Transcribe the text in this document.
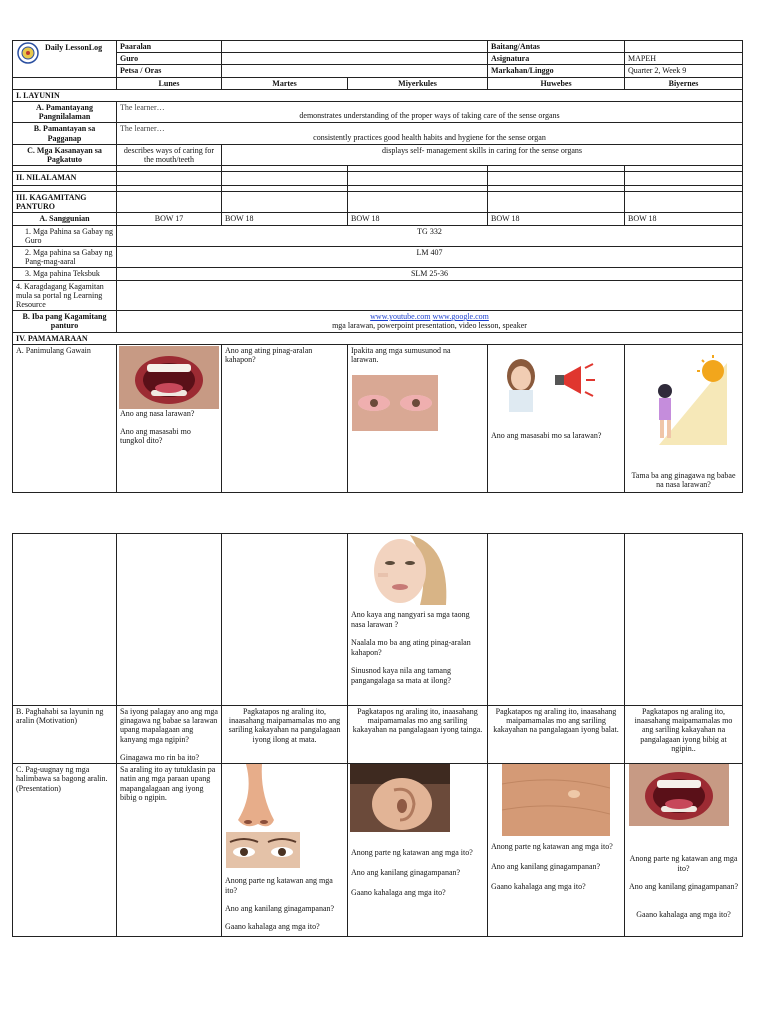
Daily LessonLog	Paaralan			Baitang/Antas	
	Guro			Asignatura	MAPEH
	Petsa / Oras			Markahan/Linggo	Quarter 2, Week 9
	Lunes	Martes	Miyerkules	Huwebes	Biyernes
I. LAYUNIN					
A. Pamantayang Pangnilalaman	The learner…
demonstrates understanding of the proper ways of taking care of the sense organs				

B. Pamantayan sa Pagganap	The learner…
consistently practices good health habits and hygiene for the sense organ				

C. Mga Kasanayan sa Pagkatuto	describes ways of caring for the mouth/teeth	displays self- management skills in caring for the sense organs			

II. NILALAMAN					

III. KAGAMITANG PANTURO					
A. Sanggunian	BOW 17	BOW 18	BOW 18	BOW 18	BOW 18
1. Mga Pahina sa Gabay ng Guro	TG 332				
2. Mga pahina sa Gabay ng Pang-mag-aaral	LM 407				
3. Mga pahina Teksbuk	SLM 25-36				
4. Karagdagang Kagamitan mula sa portal ng Learning Resource					
B. Iba pang Kagamitang panturo	www.youtube.com www.google.com
mga larawan, powerpoint presentation, video lesson, speaker				
IV. PAMAMARAAN					
A. Panimulang Gawain	Ano ang nasa larawan?
Ano ang masasabi mo tungkol dito?	Ano ang ating pinag-aralan kahapon?	Ipakita ang mga sumusunod na larawan.	Ano ang masasabi mo sa larawan?	Tama ba ang ginagawa ng babae na nasa larawan?

			Ano kaya ang nangyari sa mga taong nasa larawan ?
Naalala mo ba ang ating pinag-aralan kahapon?
Sinusnod kaya nila ang tamang pangangalaga sa mata at ilong?		

B. Paghahabi sa layunin ng aralin (Motivation)	Sa iyong palagay ano ang mga ginagawa ng babae sa larawan upang mapalagaan ang kanyang mga ngipin?

Ginagawa mo rin ba ito?	Pagkatapos ng araling ito, inaasahang maipamamalas mo ang sariling kakayahan na pangalagaan iyong ilong at mata.	Pagkatapos ng araling ito, inaasahang maipamamalas mo ang sariling kakayahan na pangalagaan iyong tainga.	Pagkatapos ng araling ito, inaasahang maipamamalas mo ang sariling kakayahan na pangalagaan iyong balat.	Pagkatapos ng araling ito, inaasahang maipamamalas mo ang sariling kakayahan na pangalagaan iyong bibig at ngipin..
C. Pag-uugnay ng mga halimbawa sa bagong aralin. (Presentation)	Sa araling ito ay tutuklasin pa natin ang mga paraan upang mapangalagaan ang iyong bibig o ngipin.	Anong parte ng katawan ang mga ito?
Ano ang kanilang ginagampanan?
Gaano kahalaga ang mga ito?	Anong parte ng katawan ang mga ito?
Ano ang kanilang ginagampanan?
Gaano kahalaga ang mga ito?	Anong parte ng katawan ang mga ito?
Ano ang kanilang ginagampanan?
Gaano kahalaga ang mga ito?	Anong parte ng katawan ang mga ito?
Ano ang kanilang ginagampanan?
Gaano kahalaga ang mga ito?
